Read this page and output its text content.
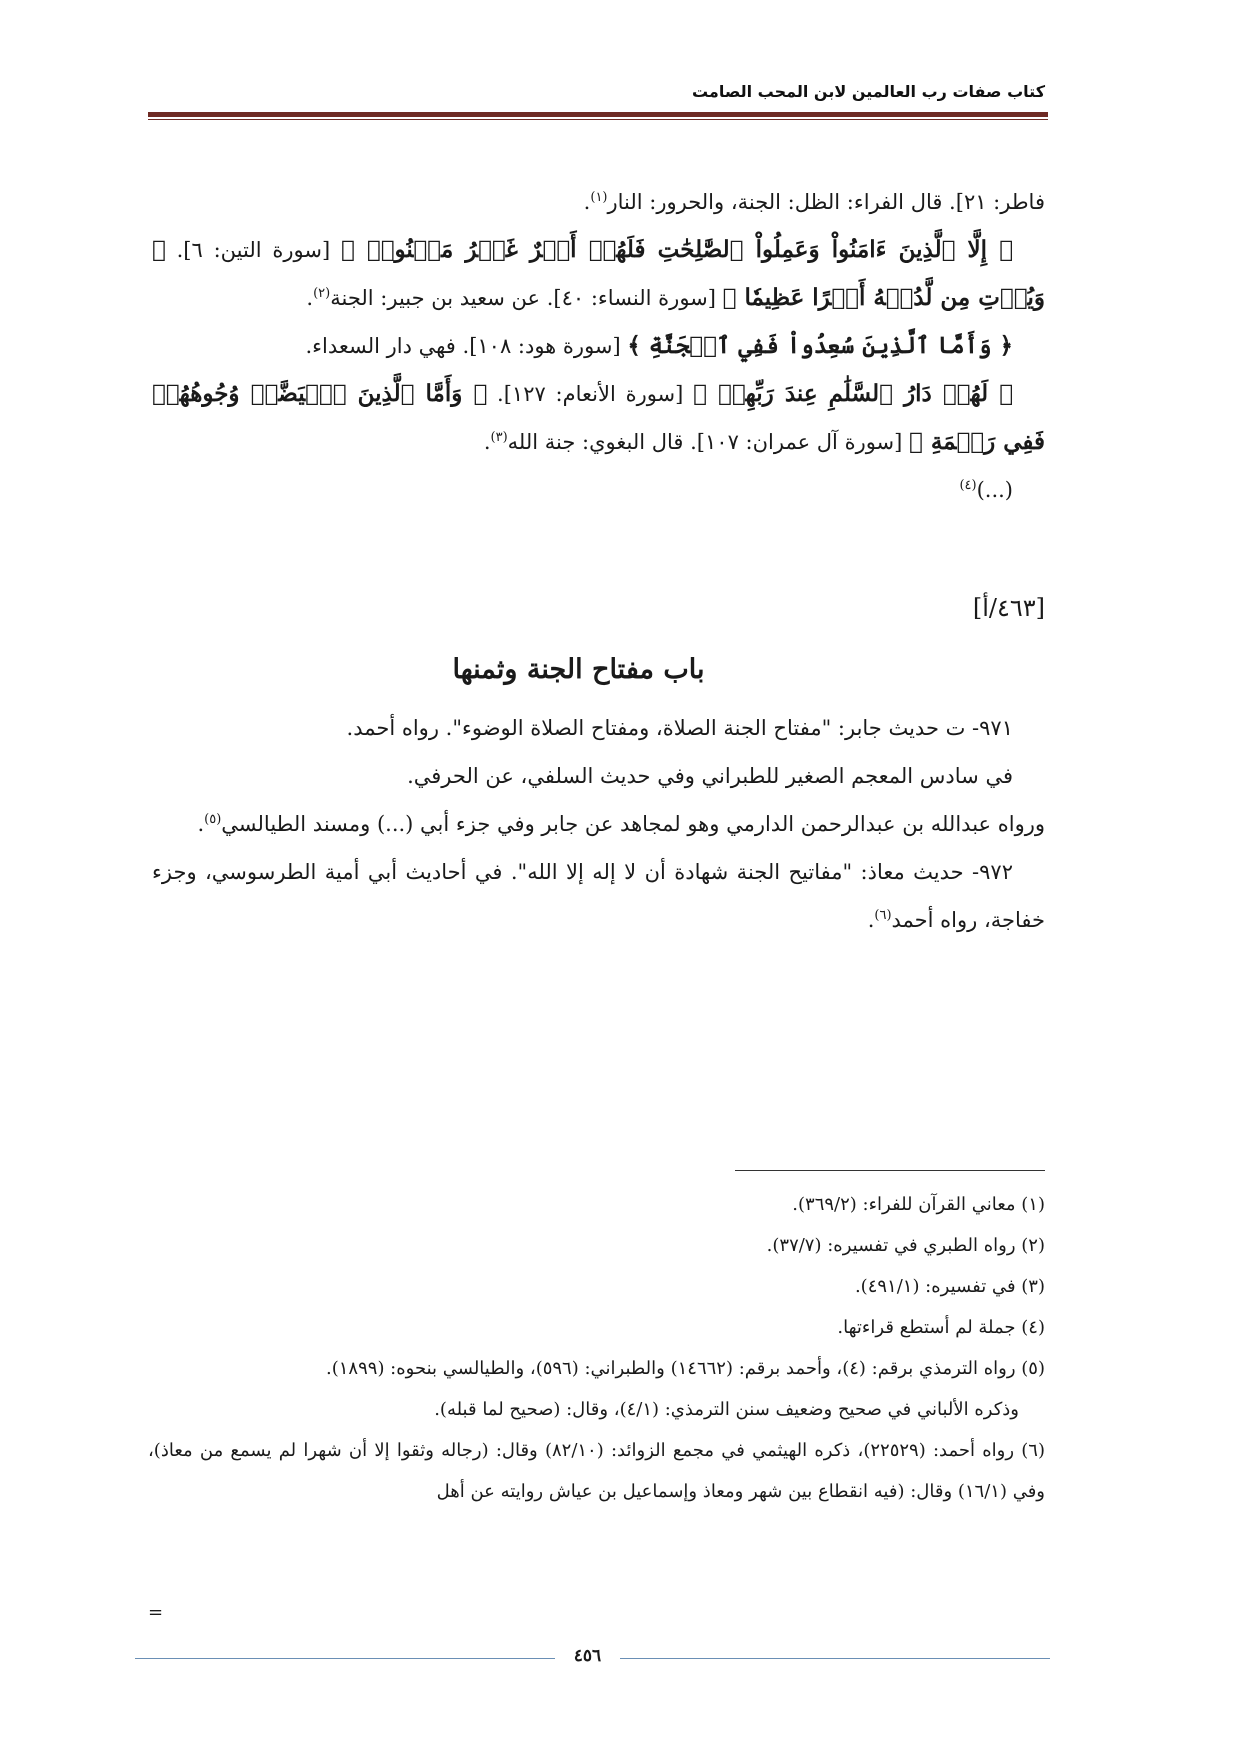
كتاب صفات رب العالمين لابن المحب الصامت

فاطر: ٢١]. قال الفراء: الظل: الجنة، والحرور: النار$^{(١)}$.

﴿ إِلَّا ٱلَّذِينَ ءَامَنُواْ وَعَمِلُواْ ٱلصَّٰلِحَٰتِ فَلَهُمۡ أَجۡرٌ غَيۡرُ مَمۡنُونٖ ﴾ [سورة التين: ٦]. ﴿ وَيُؤۡتِ مِن لَّدُنۡهُ أَجۡرًا عَظِيمٗا ﴾ [سورة النساء: ٤٠]. عن سعيد بن جبير: الجنة$^{(٢)}$.

﴿ وَأَمَّا ٱلَّذِينَ سُعِدُواْ فَفِي ٱلۡجَنَّةِ ﴾ [سورة هود: ١٠٨]. فهي دار السعداء.

﴿ لَهُمۡ دَارُ ٱلسَّلَٰمِ عِندَ رَبِّهِمۡ ﴾ [سورة الأنعام: ١٢٧]. ﴿ وَأَمَّا ٱلَّذِينَ ٱبۡيَضَّتۡ وُجُوهُهُمۡ فَفِي رَحۡمَةِ ﴾ [سورة آل عمران: ١٠٧]. قال البغوي: جنة الله$^{(٣)}$.

(...)$^{(٤)}$

[٤٦٣/أ]

باب مفتاح الجنة وثمنها

٩٧١- ت حديث جابر: "مفتاح الجنة الصلاة، ومفتاح الصلاة الوضوء". رواه أحمد.

في سادس المعجم الصغير للطبراني وفي حديث السلفي، عن الحرفي.

ورواه عبدالله بن عبدالرحمن الدارمي وهو لمجاهد عن جابر وفي جزء أبي (...) ومسند الطيالسي$^{(٥)}$.

٩٧٢- حديث معاذ: "مفاتيح الجنة شهادة أن لا إله إلا الله". في أحاديث أبي أمية الطرسوسي، وجزء خفاجة، رواه أحمد$^{(٦)}$.

(١) معاني القرآن للفراء: (٣٦٩/٢).

(٢) رواه الطبري في تفسيره: (٣٧/٧).

(٣) في تفسيره: (٤٩١/١).

(٤) جملة لم أستطع قراءتها.

(٥) رواه الترمذي برقم: (٤)، وأحمد برقم: (١٤٦٦٢) والطبراني: (٥٩٦)، والطيالسي بنحوه: (١٨٩٩).

وذكره الألباني في صحيح وضعيف سنن الترمذي: (٤/١)، وقال: (صحيح لما قبله).

(٦) رواه أحمد: (٢٢٥٢٩)، ذكره الهيثمي في مجمع الزوائد: (٨٢/١٠) وقال: (رجاله وثقوا إلا أن شهرا لم يسمع من معاذ)، وفي (١٦/١) وقال: (فيه انقطاع بين شهر ومعاذ وإسماعيل بن عياش روايته عن أهل

=
٤٥٦
